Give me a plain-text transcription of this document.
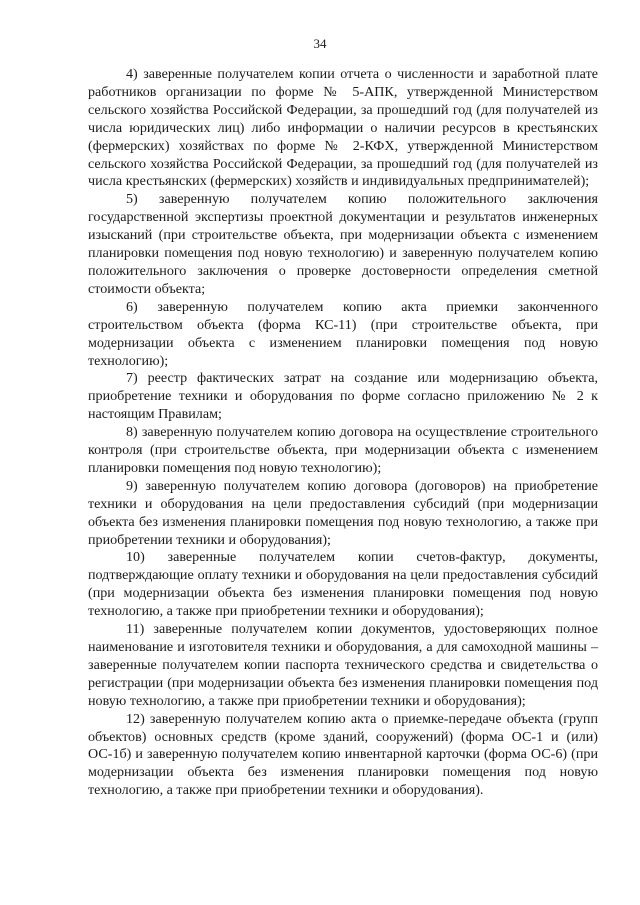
34

4) заверенные получателем копии отчета о численности и заработной плате работников организации по форме № 5-АПК, утвержденной Министерством сельского хозяйства Российской Федерации, за прошедший год (для получателей из числа юридических лиц) либо информации о наличии ресурсов в крестьянских (фермерских) хозяйствах по форме № 2-КФХ, утвержденной Министерством сельского хозяйства Российской Федерации, за прошедший год (для получателей из числа крестьянских (фермерских) хозяйств и индивидуальных предпринимателей);

5) заверенную получателем копию положительного заключения государственной экспертизы проектной документации и результатов инженерных изысканий (при строительстве объекта, при модернизации объекта с изменением планировки помещения под новую технологию) и заверенную получателем копию положительного заключения о проверке достоверности определения сметной стоимости объекта;

6) заверенную получателем копию акта приемки законченного строительством объекта (форма КС-11) (при строительстве объекта, при модернизации объекта с изменением планировки помещения под новую технологию);

7) реестр фактических затрат на создание или модернизацию объекта, приобретение техники и оборудования по форме согласно приложению № 2 к настоящим Правилам;

8) заверенную получателем копию договора на осуществление строительного контроля (при строительстве объекта, при модернизации объекта с изменением планировки помещения под новую технологию);

9) заверенную получателем копию договора (договоров) на приобретение техники и оборудования на цели предоставления субсидий (при модернизации объекта без изменения планировки помещения под новую технологию, а также при приобретении техники и оборудования);

10) заверенные получателем копии счетов-фактур, документы, подтверждающие оплату техники и оборудования на цели предоставления субсидий (при модернизации объекта без изменения планировки помещения под новую технологию, а также при приобретении техники и оборудования);

11) заверенные получателем копии документов, удостоверяющих полное наименование и изготовителя техники и оборудования, а для самоходной машины – заверенные получателем копии паспорта технического средства и свидетельства о регистрации (при модернизации объекта без изменения планировки помещения под новую технологию, а также при приобретении техники и оборудования);

12) заверенную получателем копию акта о приемке-передаче объекта (групп объектов) основных средств (кроме зданий, сооружений) (форма ОС-1 и (или) ОС-1б) и заверенную получателем копию инвентарной карточки (форма ОС-6) (при модернизации объекта без изменения планировки помещения под новую технологию, а также при приобретении техники и оборудования).
